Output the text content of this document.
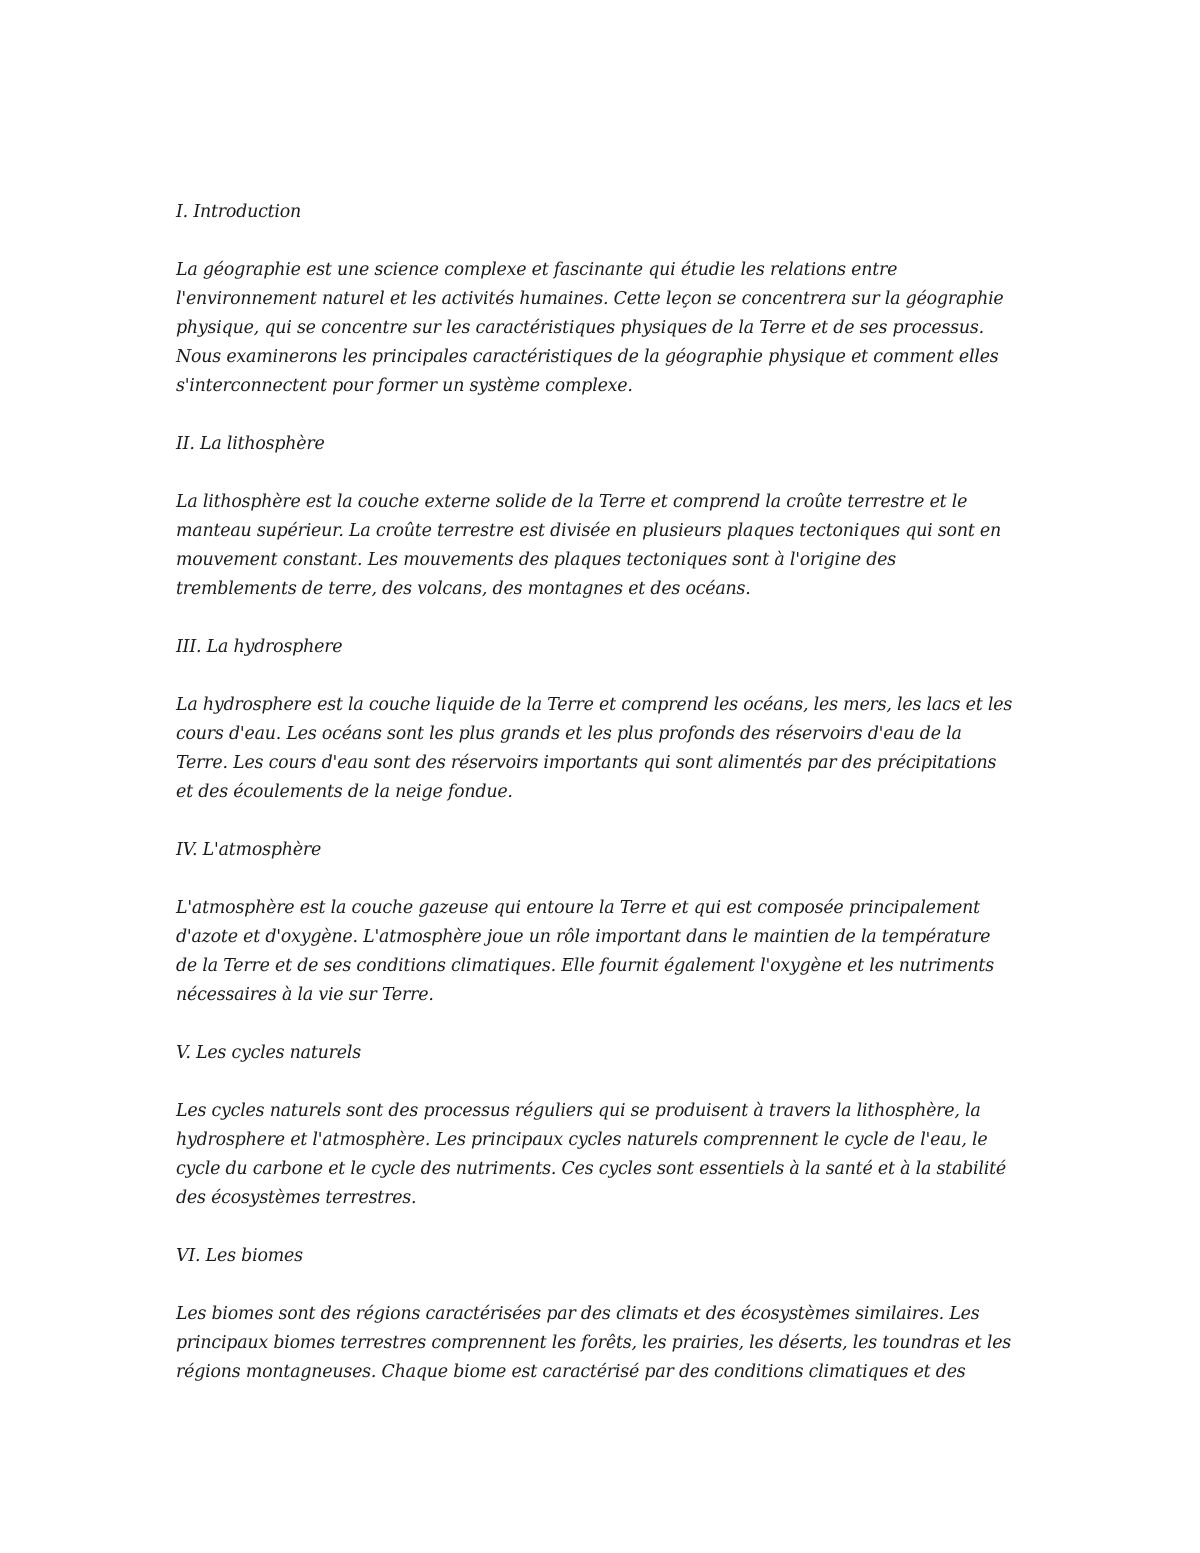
I. Introduction
La géographie est une science complexe et fascinante qui étudie les relations entre
l'environnement naturel et les activités humaines. Cette leçon se concentrera sur la géographie
physique, qui se concentre sur les caractéristiques physiques de la Terre et de ses processus.
Nous examinerons les principales caractéristiques de la géographie physique et comment elles
s'interconnectent pour former un système complexe.
II. La lithosphère
La lithosphère est la couche externe solide de la Terre et comprend la croûte terrestre et le
manteau supérieur. La croûte terrestre est divisée en plusieurs plaques tectoniques qui sont en
mouvement constant. Les mouvements des plaques tectoniques sont à l'origine des
tremblements de terre, des volcans, des montagnes et des océans.
III. La hydrosphere
La hydrosphere est la couche liquide de la Terre et comprend les océans, les mers, les lacs et les
cours d'eau. Les océans sont les plus grands et les plus profonds des réservoirs d'eau de la
Terre. Les cours d'eau sont des réservoirs importants qui sont alimentés par des précipitations
et des écoulements de la neige fondue.
IV. L'atmosphère
L'atmosphère est la couche gazeuse qui entoure la Terre et qui est composée principalement
d'azote et d'oxygène. L'atmosphère joue un rôle important dans le maintien de la température
de la Terre et de ses conditions climatiques. Elle fournit également l'oxygène et les nutriments
nécessaires à la vie sur Terre.
V. Les cycles naturels
Les cycles naturels sont des processus réguliers qui se produisent à travers la lithosphère, la
hydrosphere et l'atmosphère. Les principaux cycles naturels comprennent le cycle de l'eau, le
cycle du carbone et le cycle des nutriments. Ces cycles sont essentiels à la santé et à la stabilité
des écosystèmes terrestres.
VI. Les biomes
Les biomes sont des régions caractérisées par des climats et des écosystèmes similaires. Les
principaux biomes terrestres comprennent les forêts, les prairies, les déserts, les toundras et les
régions montagneuses. Chaque biome est caractérisé par des conditions climatiques et des
